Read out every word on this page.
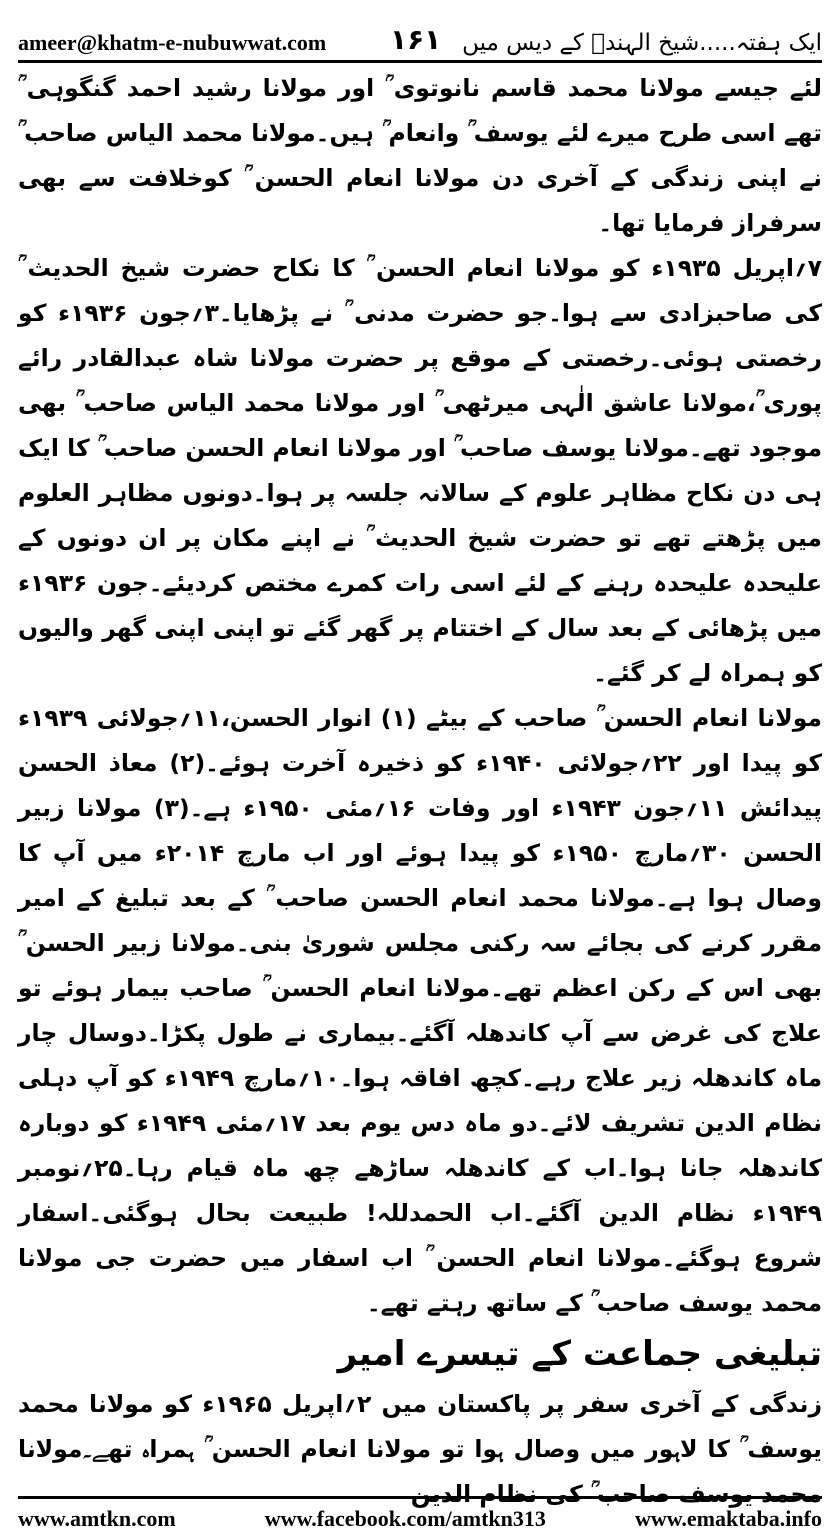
ameer@khatm-e-nubuwwat.com ۱۶۱ ایک ہفتہ.....شیخ الہندؒ کے دیس میں

لئے جیسے مولانا محمد قاسم نانوتوی ؒ اور مولانا رشید احمد گنگوہی ؒ تھے اسی طرح میرے لئے یوسف ؒ وانعام ؒ ہیں۔مولانا محمد الیاس صاحب ؒ نے اپنی زندگی کے آخری دن مولانا انعام الحسن ؒ کوخلافت سے بھی سرفراز فرمایا تھا۔

۷؍اپریل ۱۹۳۵ء کو مولانا انعام الحسن ؒ کا نکاح حضرت شیخ الحدیث ؒ کی صاحبزادی سے ہوا۔جو حضرت مدنی ؒ نے پڑھایا۔۳؍جون ۱۹۳۶ء کو رخصتی ہوئی۔رخصتی کے موقع پر حضرت مولانا شاہ عبدالقادر رائے پوری ؒ،مولانا عاشق الٰہی میرٹھی ؒ اور مولانا محمد الیاس صاحب ؒ بھی موجود تھے۔مولانا یوسف صاحب ؒ اور مولانا انعام الحسن صاحب ؒ کا ایک ہی دن نکاح مظاہر علوم کے سالانہ جلسہ پر ہوا۔دونوں مظاہر العلوم میں پڑھتے تھے تو حضرت شیخ الحدیث ؒ نے اپنے مکان پر ان دونوں کے علیحدہ علیحدہ رہنے کے لئے اسی رات کمرے مختص کردیئے۔جون ۱۹۳۶ء میں پڑھائی کے بعد سال کے اختتام پر گھر گئے تو اپنی اپنی گھر والیوں کو ہمراہ لے کر گئے۔

مولانا انعام الحسن ؒ صاحب کے بیٹے (۱) انوار الحسن،۱۱؍جولائی ۱۹۳۹ء کو پیدا اور ۲۲؍جولائی ۱۹۴۰ء کو ذخیرہ آخرت ہوئے۔(۲) معاذ الحسن پیدائش ۱۱؍جون ۱۹۴۳ء اور وفات ۱۶؍مئی ۱۹۵۰ء ہے۔(۳) مولانا زبیر الحسن ۳۰؍مارچ ۱۹۵۰ء کو پیدا ہوئے اور اب مارچ ۲۰۱۴ء میں آپ کا وصال ہوا ہے۔مولانا محمد انعام الحسن صاحب ؒ کے بعد تبلیغ کے امیر مقرر کرنے کی بجائے سہ رکنی مجلس شوریٰ بنی۔مولانا زبیر الحسن ؒ بھی اس کے رکن اعظم تھے۔مولانا انعام الحسن ؒ صاحب بیمار ہوئے تو علاج کی غرض سے آپ کاندھلہ آگئے۔بیماری نے طول پکڑا۔دوسال چار ماہ کاندھلہ زیر علاج رہے۔کچھ افاقہ ہوا۔۱۰؍مارچ ۱۹۴۹ء کو آپ دہلی نظام الدین تشریف لائے۔دو ماہ دس یوم بعد ۱۷؍مئی ۱۹۴۹ء کو دوبارہ کاندھلہ جانا ہوا۔اب کے کاندھلہ ساڑھے چھ ماہ قیام رہا۔۲۵؍نومبر ۱۹۴۹ء نظام الدین آگئے۔اب الحمدللہ! طبیعت بحال ہوگئی۔اسفار شروع ہوگئے۔مولانا انعام الحسن ؒ اب اسفار میں حضرت جی مولانا محمد یوسف صاحب ؒ کے ساتھ رہتے تھے۔

تبلیغی جماعت کے تیسرے امیر

زندگی کے آخری سفر پر پاکستان میں ۲؍اپریل ۱۹۶۵ء کو مولانا محمد یوسف ؒ کا لاہور میں وصال ہوا تو مولانا انعام الحسن ؒ ہمراہ تھے۔مولانا محمد یوسف صاحب ؒ کی نظام الدین

www.amtkn.com	www.facebook.com/amtkn313	www.emaktaba.info
